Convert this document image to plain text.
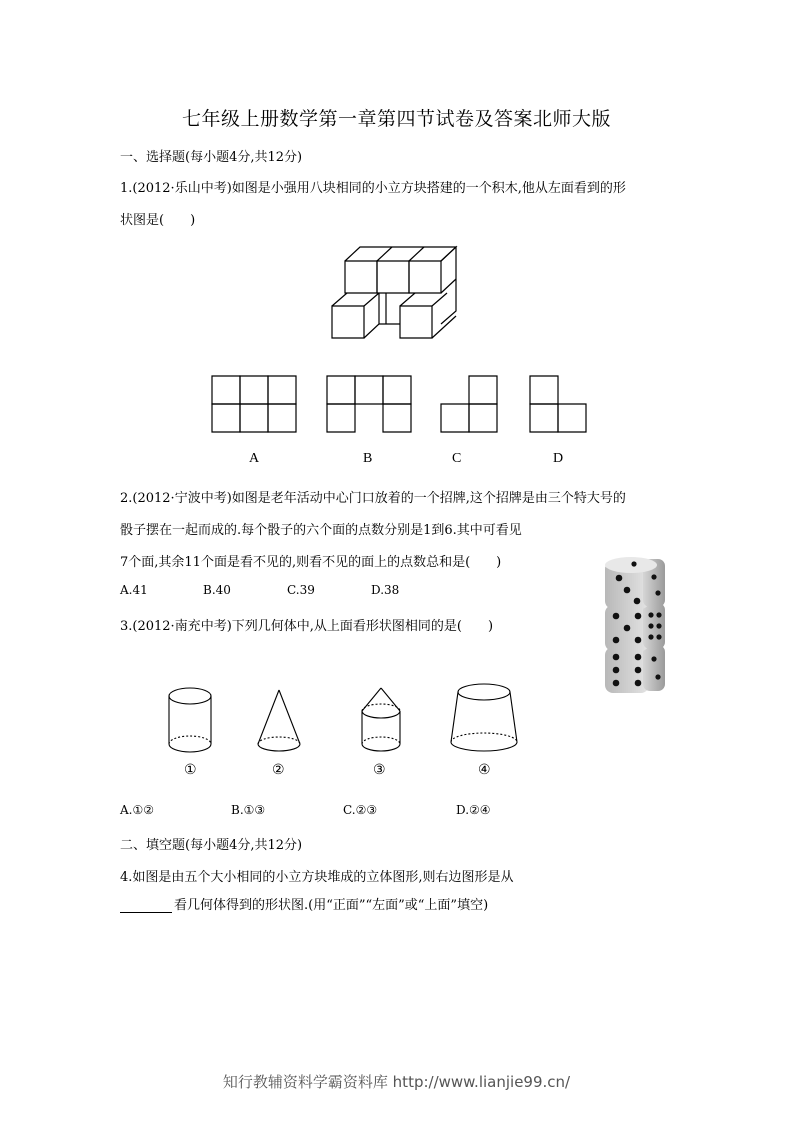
七年级上册数学第一章第四节试卷及答案北师大版
一、选择题(每小题4分,共12分)
1.(2012·乐山中考)如图是小强用八块相同的小立方块搭建的一个积木,他从左面看到的形
状图是(　　)
A	B	C	D
2.(2012·宁波中考)如图是老年活动中心门口放着的一个招牌,这个招牌是由三个特大号的
骰子摆在一起而成的.每个骰子的六个面的点数分别是1到6.其中可看见
7个面,其余11个面是看不见的,则看不见的面上的点数总和是(　　)
A.41	B.40	C.39	D.38
3.(2012·南充中考)下列几何体中,从上面看形状图相同的是(　　)
①	②	③	④
A.①②	B.①③	C.②③	D.②④
二、填空题(每小题4分,共12分)
4.如图是由五个大小相同的小立方块堆成的立体图形,则右边图形是从
看几何体得到的形状图.(用“正面”“左面”或“上面”填空)
知行教辅资料学霸资料库 http://www.lianjie99.cn/
